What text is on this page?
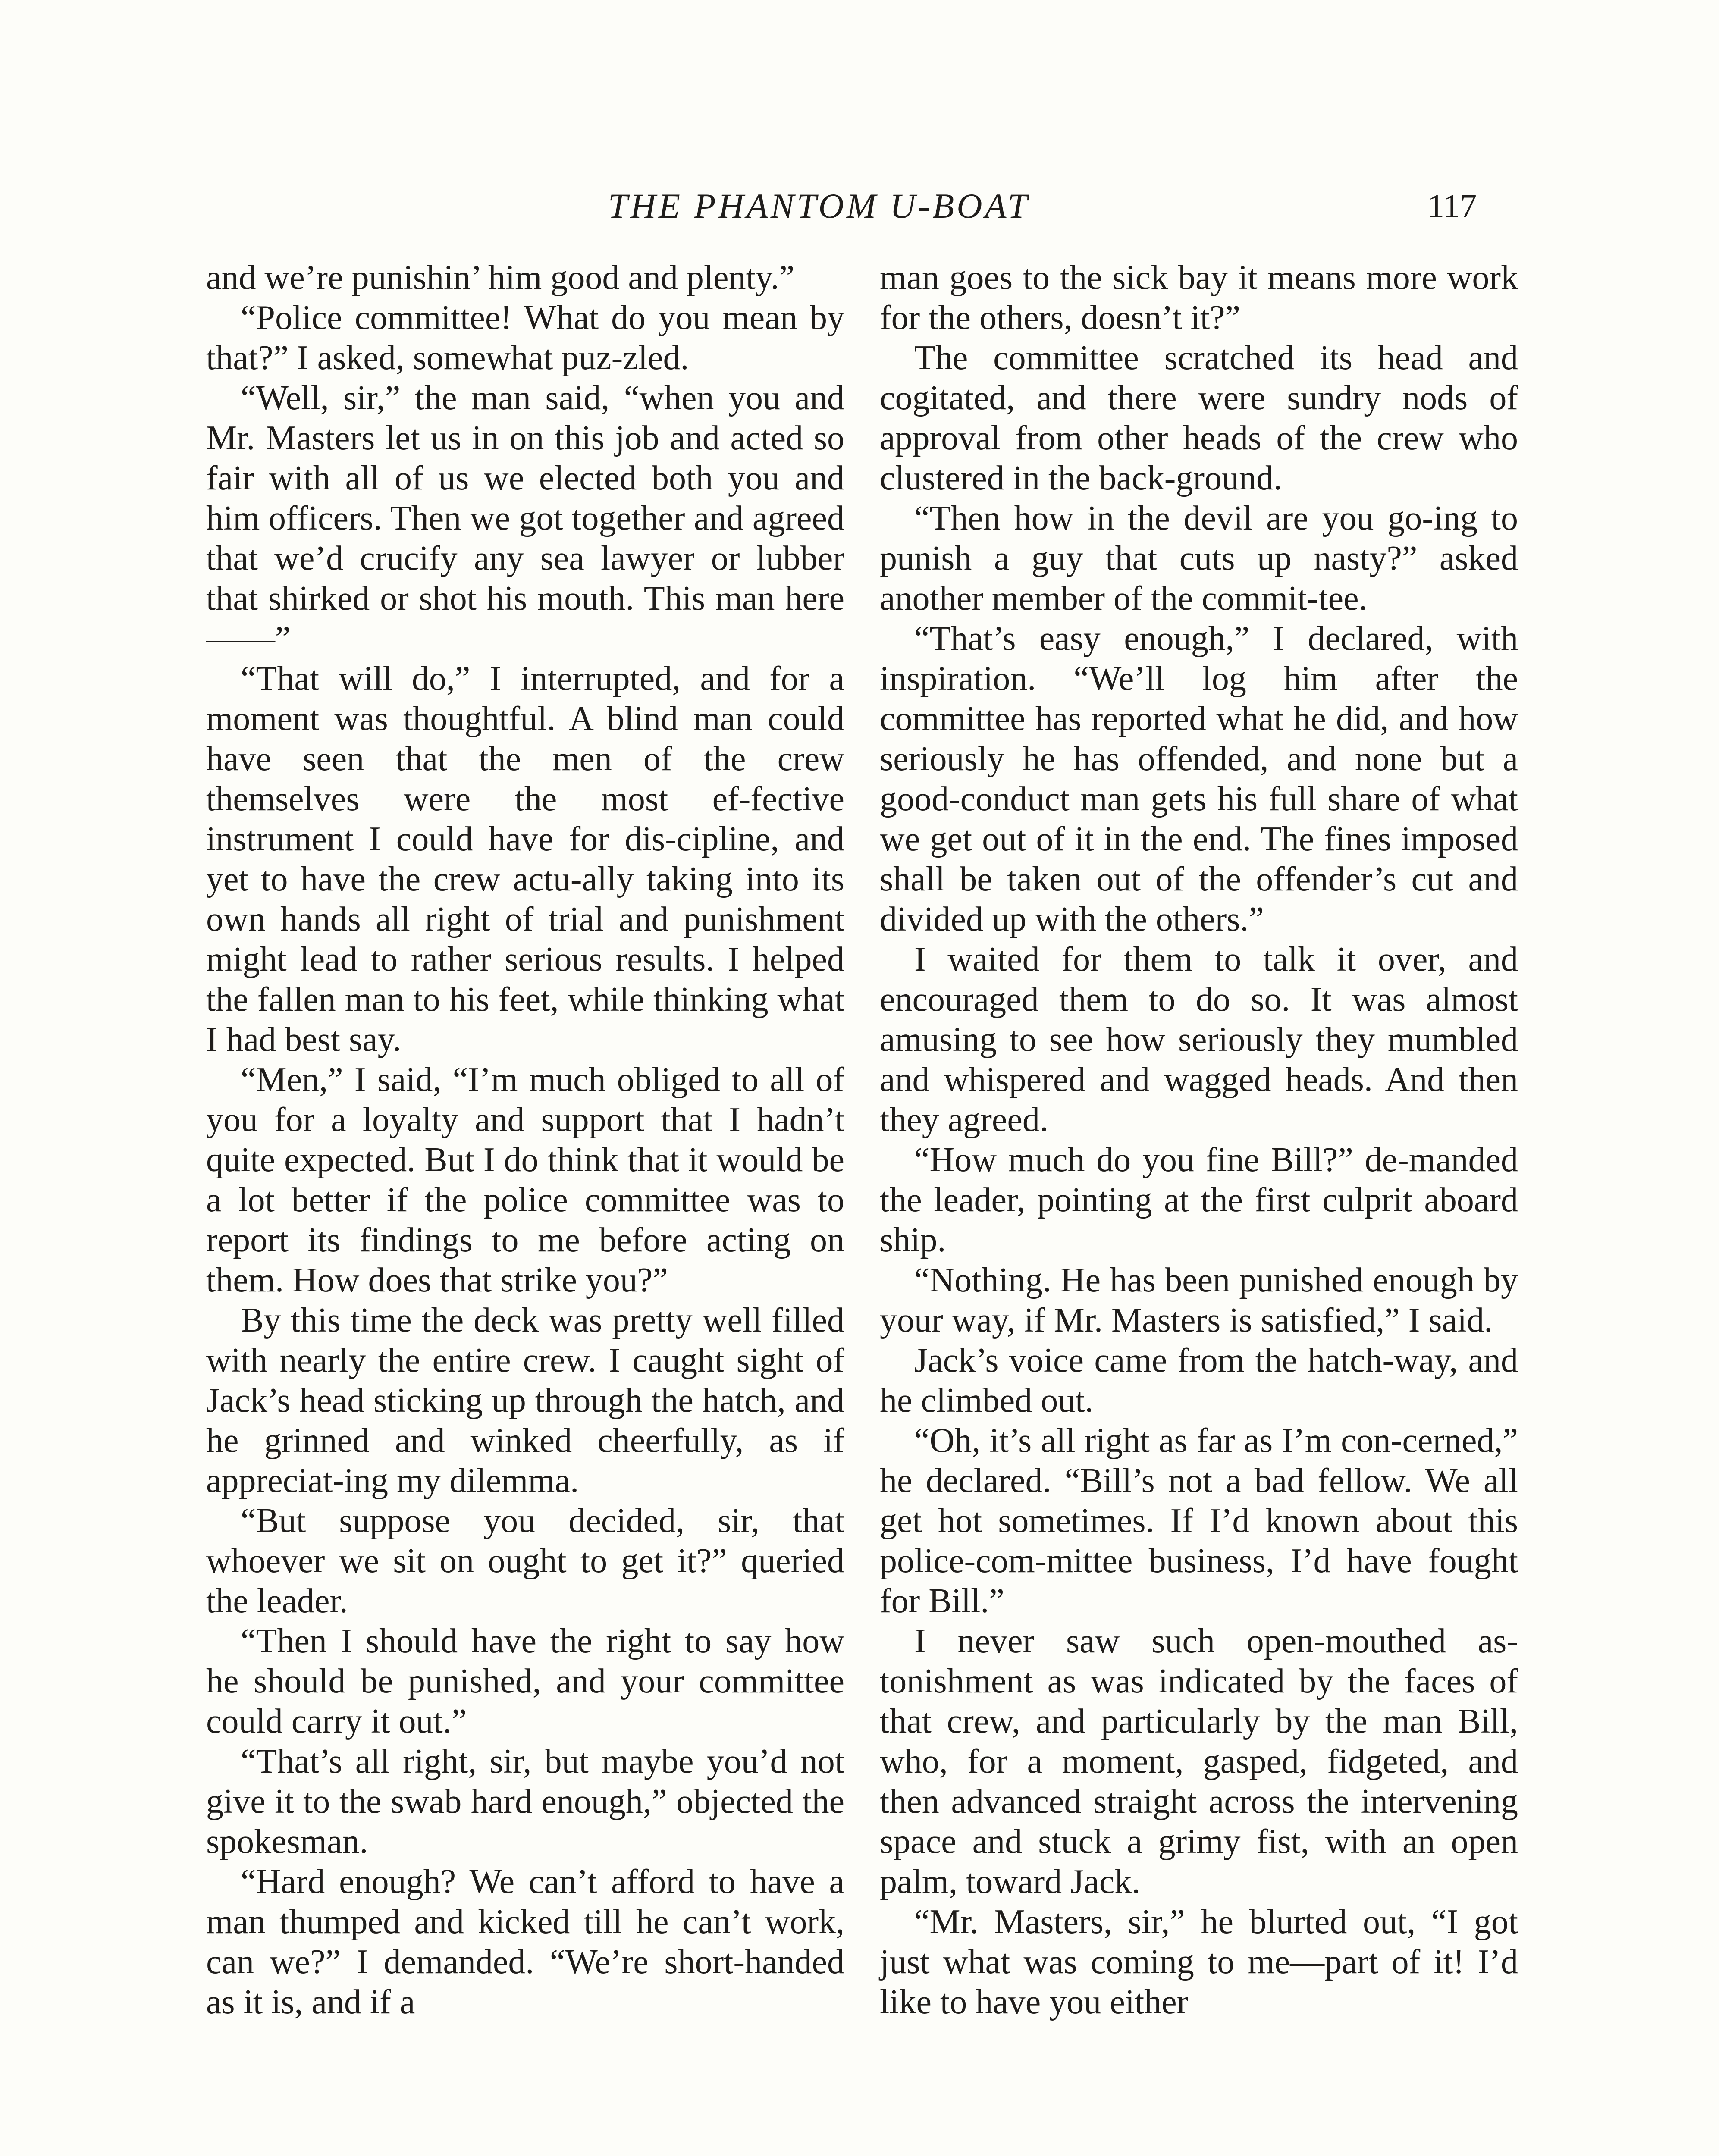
THE PHANTOM U-BOAT	117

and we’re punishin’ him good and plenty.”

“Police committee! What do you mean by that?” I asked, somewhat puz-zled.

“Well, sir,” the man said, “when you and Mr. Masters let us in on this job and acted so fair with all of us we elected both you and him officers. Then we got together and agreed that we’d crucify any sea lawyer or lubber that shirked or shot his mouth. This man here——”

“That will do,” I interrupted, and for a moment was thoughtful. A blind man could have seen that the men of the crew themselves were the most ef-fective instrument I could have for dis-cipline, and yet to have the crew actu-ally taking into its own hands all right of trial and punishment might lead to rather serious results. I helped the fallen man to his feet, while thinking what I had best say.

“Men,” I said, “I’m much obliged to all of you for a loyalty and support that I hadn’t quite expected. But I do think that it would be a lot better if the police committee was to report its findings to me before acting on them. How does that strike you?”

By this time the deck was pretty well filled with nearly the entire crew. I caught sight of Jack’s head sticking up through the hatch, and he grinned and winked cheerfully, as if appreciat-ing my dilemma.

“But suppose you decided, sir, that whoever we sit on ought to get it?” queried the leader.

“Then I should have the right to say how he should be punished, and your committee could carry it out.”

“That’s all right, sir, but maybe you’d not give it to the swab hard enough,” objected the spokesman.

“Hard enough? We can’t afford to have a man thumped and kicked till he can’t work, can we?” I demanded. “We’re short-handed as it is, and if a

man goes to the sick bay it means more work for the others, doesn’t it?”

The committee scratched its head and cogitated, and there were sundry nods of approval from other heads of the crew who clustered in the back-ground.

“Then how in the devil are you go-ing to punish a guy that cuts up nasty?” asked another member of the commit-tee.

“That’s easy enough,” I declared, with inspiration. “We’ll log him after the committee has reported what he did, and how seriously he has offended, and none but a good-conduct man gets his full share of what we get out of it in the end. The fines imposed shall be taken out of the offender’s cut and divided up with the others.”

I waited for them to talk it over, and encouraged them to do so. It was almost amusing to see how seriously they mumbled and whispered and wagged heads. And then they agreed.

“How much do you fine Bill?” de-manded the leader, pointing at the first culprit aboard ship.

“Nothing. He has been punished enough by your way, if Mr. Masters is satisfied,” I said.

Jack’s voice came from the hatch-way, and he climbed out.

“Oh, it’s all right as far as I’m con-cerned,” he declared. “Bill’s not a bad fellow. We all get hot sometimes. If I’d known about this police-com-mittee business, I’d have fought for Bill.”

I never saw such open-mouthed as-tonishment as was indicated by the faces of that crew, and particularly by the man Bill, who, for a moment, gasped, fidgeted, and then advanced straight across the intervening space and stuck a grimy fist, with an open palm, toward Jack.

“Mr. Masters, sir,” he blurted out, “I got just what was coming to me—part of it! I’d like to have you either
